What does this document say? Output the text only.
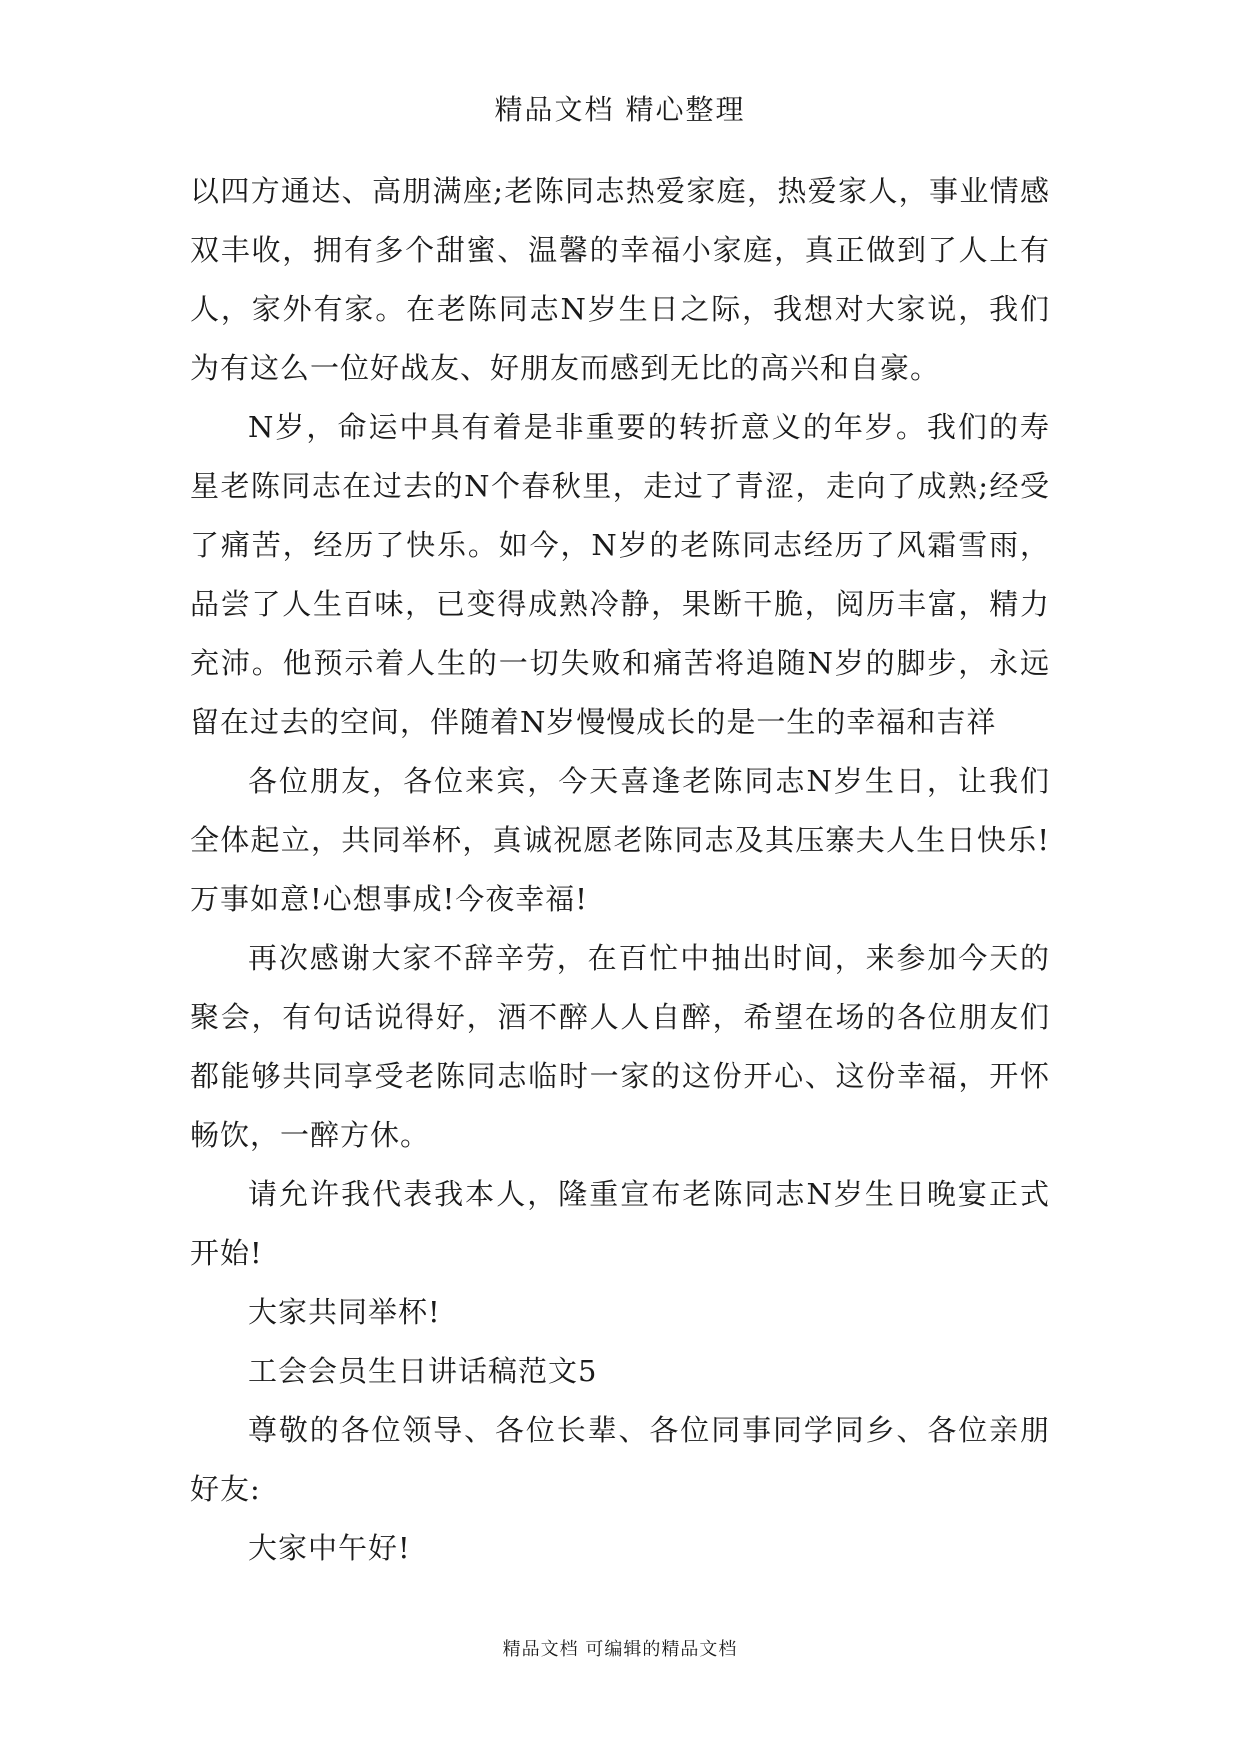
精品文档 精心整理

以四方通达、高朋满座;老陈同志热爱家庭，热爱家人，事业情感双丰收，拥有多个甜蜜、温馨的幸福小家庭，真正做到了人上有人，家外有家。在老陈同志N岁生日之际，我想对大家说，我们为有这么一位好战友、好朋友而感到无比的高兴和自豪。

N岁，命运中具有着是非重要的转折意义的年岁。我们的寿星老陈同志在过去的N个春秋里，走过了青涩，走向了成熟;经受了痛苦，经历了快乐。如今，N岁的老陈同志经历了风霜雪雨，品尝了人生百味，已变得成熟冷静，果断干脆，阅历丰富，精力充沛。他预示着人生的一切失败和痛苦将追随N岁的脚步，永远留在过去的空间，伴随着N岁慢慢成长的是一生的幸福和吉祥

各位朋友，各位来宾，今天喜逢老陈同志N岁生日，让我们全体起立，共同举杯，真诚祝愿老陈同志及其压寨夫人生日快乐!万事如意!心想事成!今夜幸福!

再次感谢大家不辞辛劳，在百忙中抽出时间，来参加今天的聚会，有句话说得好，酒不醉人人自醉，希望在场的各位朋友们都能够共同享受老陈同志临时一家的这份开心、这份幸福，开怀畅饮，一醉方休。

请允许我代表我本人，隆重宣布老陈同志N岁生日晚宴正式开始!

大家共同举杯!

工会会员生日讲话稿范文5

尊敬的各位领导、各位长辈、各位同事同学同乡、各位亲朋好友:

大家中午好!

精品文档 可编辑的精品文档
